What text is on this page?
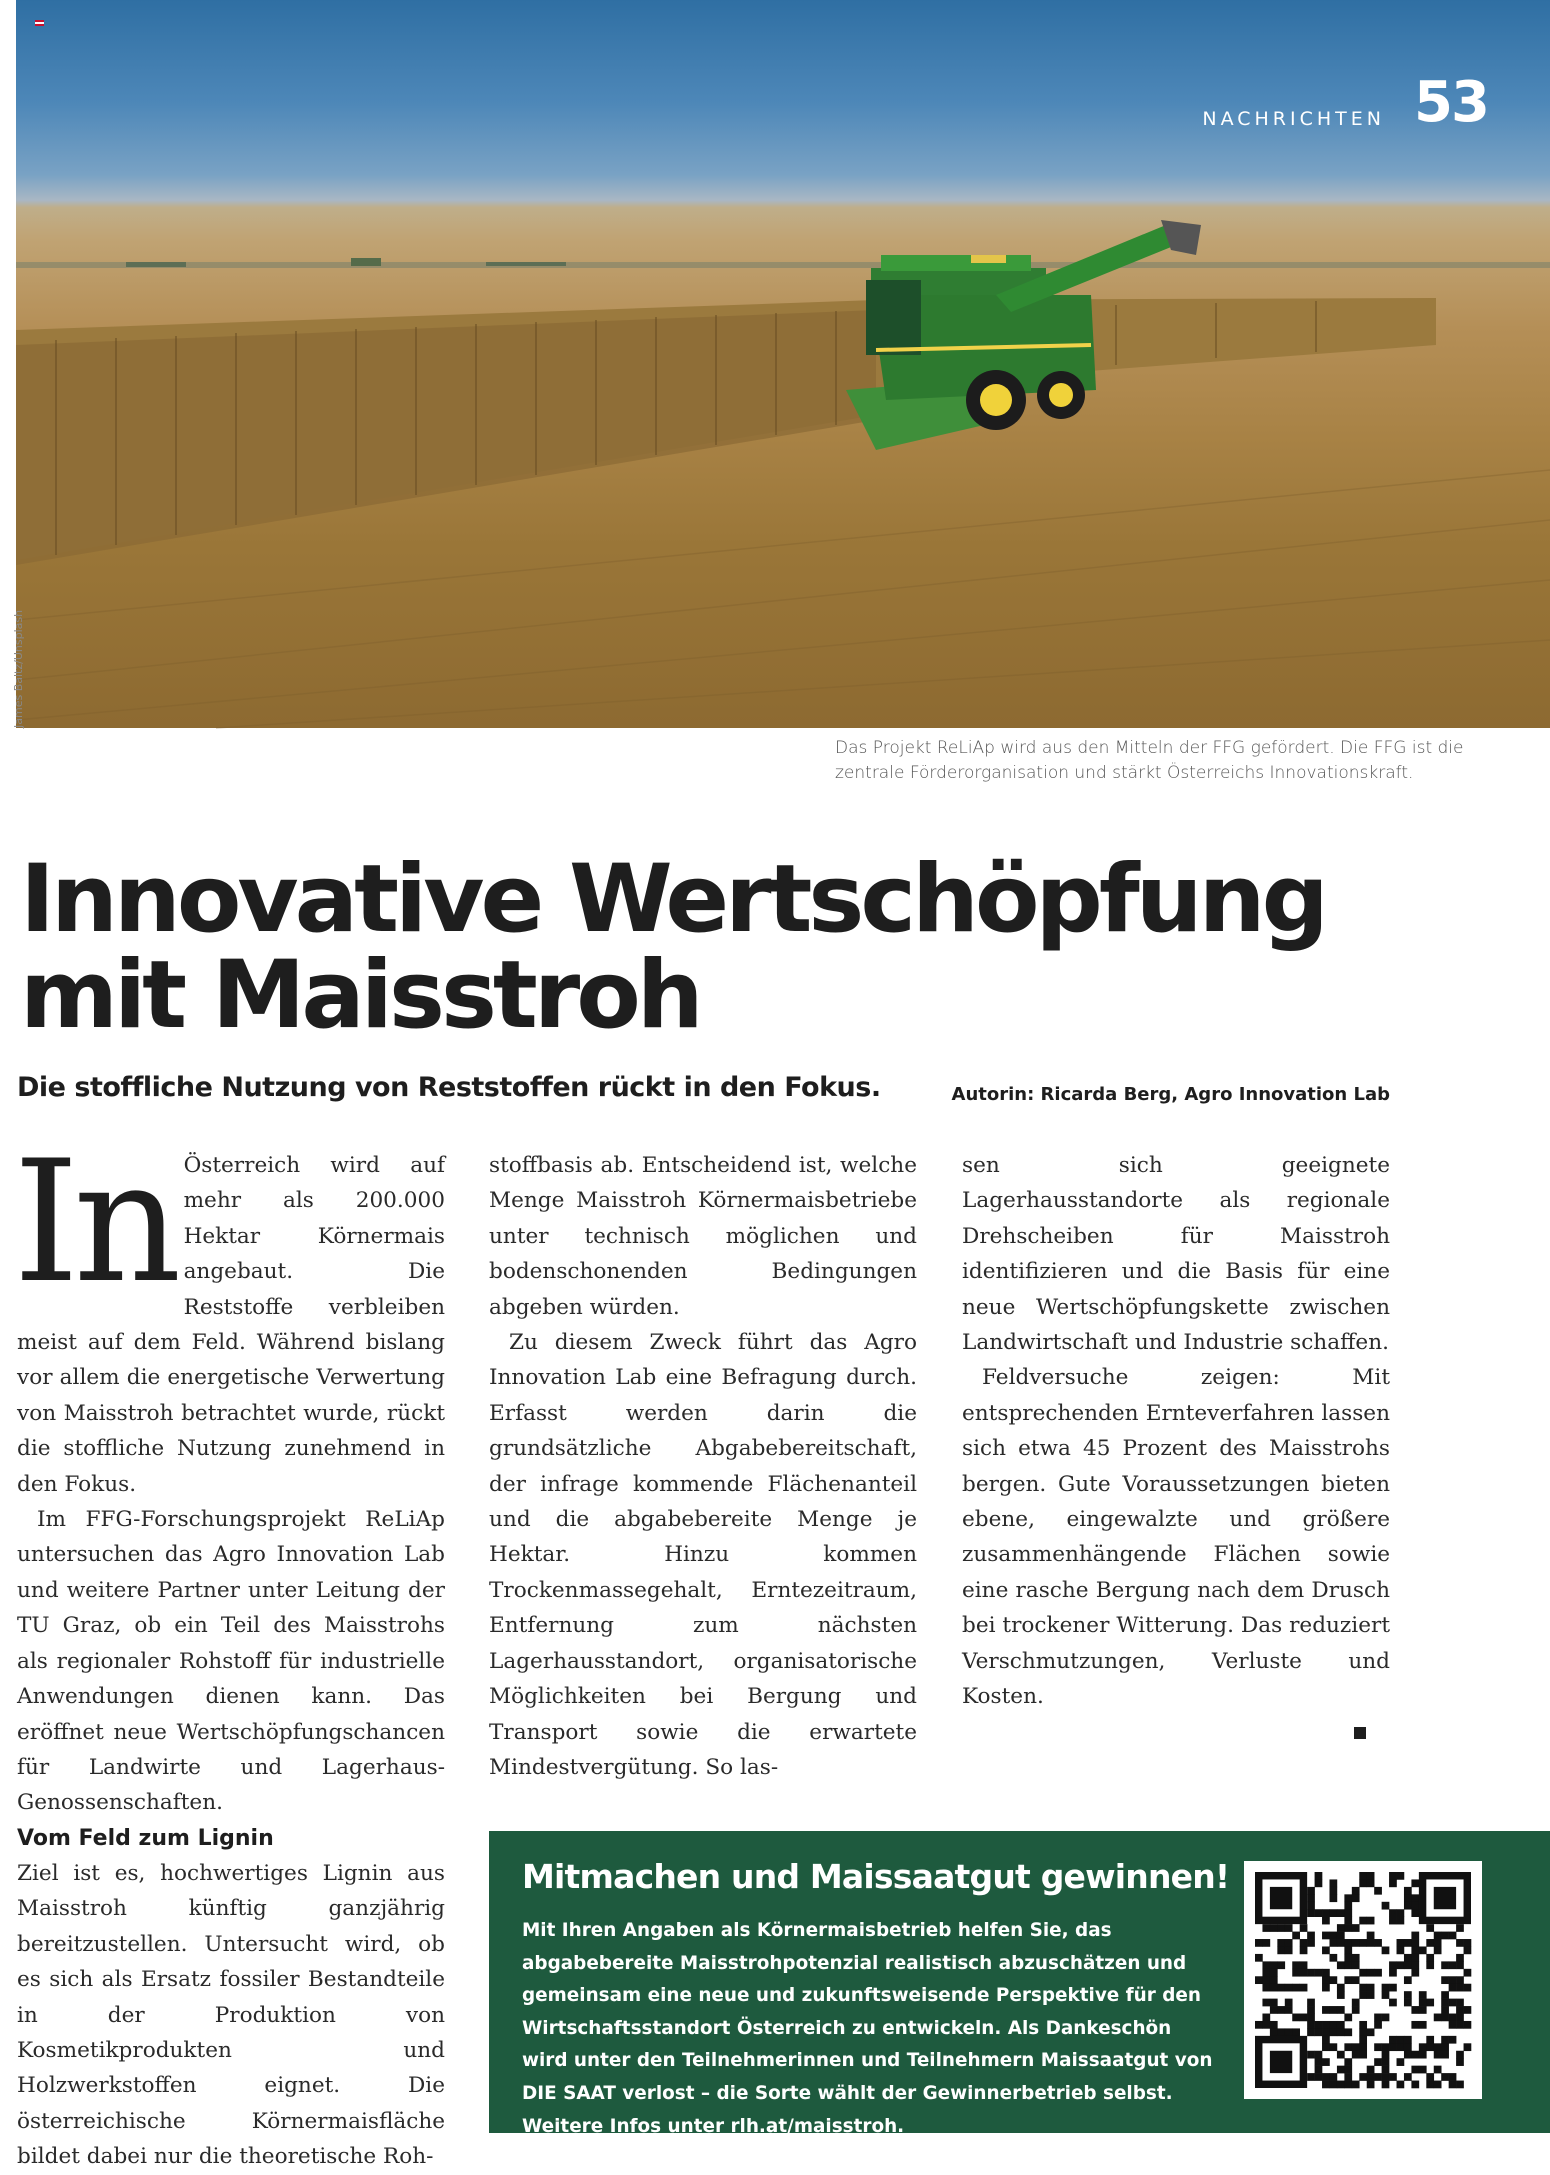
NACHRICHTEN 53
James Baltz/Unsplash
Das Projekt ReLiAp wird aus den Mitteln der FFG gefördert. Die FFG ist die zentrale Förderorganisation und stärkt Österreichs Innovationskraft.
Innovative Wertschöpfung
mit Maisstroh
Die stoffliche Nutzung von Reststoffen rückt in den Fokus.	Autorin: Ricarda Berg, Agro Innovation Lab
In Österreich wird auf mehr als 200.000 Hektar Körnermais angebaut. Die Reststoffe verbleiben meist auf dem Feld. Während bislang vor allem die energetische Verwertung von Maisstroh betrachtet wurde, rückt die stoffliche Nutzung zunehmend in den Fokus.

Im FFG-Forschungsprojekt ReLiAp untersuchen das Agro Innovation Lab und weitere Partner unter Leitung der TU Graz, ob ein Teil des Maisstrohs als regionaler Rohstoff für industrielle Anwendungen dienen kann. Das eröffnet neue Wertschöpfungschancen für Landwirte und Lagerhaus-Genossenschaften.

Vom Feld zum Lignin

Ziel ist es, hochwertiges Lignin aus Maisstroh künftig ganzjährig bereitzustellen. Untersucht wird, ob es sich als Ersatz fossiler Bestandteile in der Produktion von Kosmetikprodukten und Holzwerkstoffen eignet. Die österreichische Körnermaisfläche bildet dabei nur die theoretische Roh-

stoffbasis ab. Entscheidend ist, welche Menge Maisstroh Körnermaisbetriebe unter technisch möglichen und bodenschonenden Bedingungen abgeben würden.

Zu diesem Zweck führt das Agro Innovation Lab eine Befragung durch. Erfasst werden darin die grundsätzliche Abgabebereitschaft, der infrage kommende Flächenanteil und die abgabebereite Menge je Hektar. Hinzu kommen Trockenmassegehalt, Erntezeitraum, Entfernung zum nächsten Lagerhausstandort, organisatorische Möglichkeiten bei Bergung und Transport sowie die erwartete Mindestvergütung. So las-

sen sich geeignete Lagerhausstandorte als regionale Drehscheiben für Maisstroh identifizieren und die Basis für eine neue Wertschöpfungskette zwischen Landwirtschaft und Industrie schaffen.

Feldversuche zeigen: Mit entsprechenden Ernteverfahren lassen sich etwa 45 Prozent des Maisstrohs bergen. Gute Voraussetzungen bieten ebene, eingewalzte und größere zusammenhängende Flächen sowie eine rasche Bergung nach dem Drusch bei trockener Witterung. Das reduziert Verschmutzungen, Verluste und Kosten.

Mitmachen und Maissaatgut gewinnen!
Mit Ihren Angaben als Körnermaisbetrieb helfen Sie, das abgabebereite Maisstrohpotenzial realistisch abzuschätzen und gemeinsam eine neue und zukunftsweisende Perspektive für den Wirtschaftsstandort Österreich zu entwickeln. Als Dankeschön wird unter den Teilnehmerinnen und Teilnehmern Maissaatgut von DIE SAAT verlost – die Sorte wählt der Gewinnerbetrieb selbst. Weitere Infos unter rlh.at/maisstroh.
